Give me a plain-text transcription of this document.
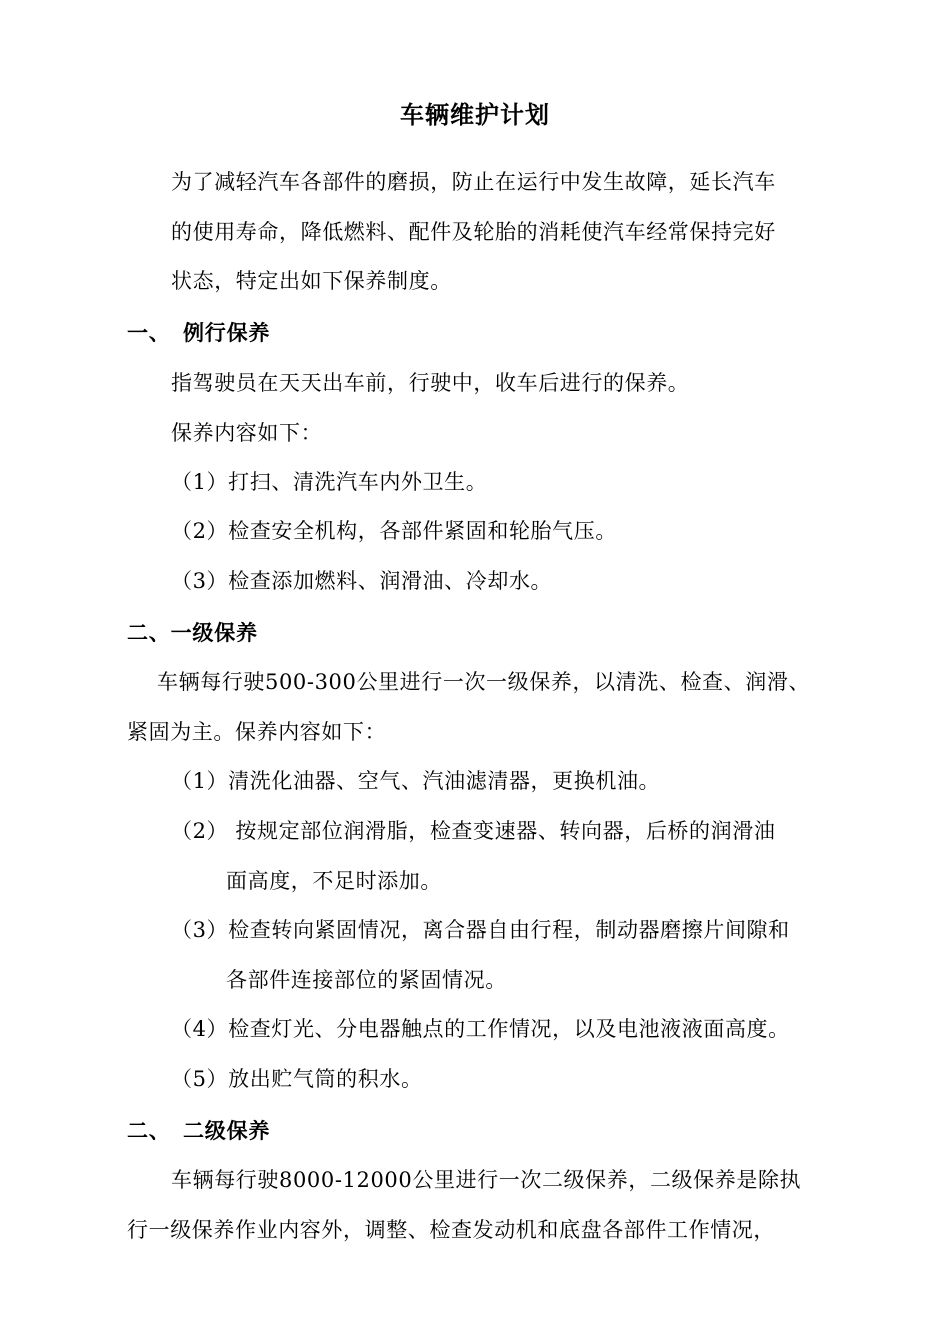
车辆维护计划
为了减轻汽车各部件的磨损，防止在运行中发生故障，延长汽车
的使用寿命，降低燃料、配件及轮胎的消耗使汽车经常保持完好
状态，特定出如下保养制度。
一、 例行保养
指驾驶员在天天出车前，行驶中，收车后进行的保养。
保养内容如下：
（1）打扫、清洗汽车内外卫生。
（2）检查安全机构，各部件紧固和轮胎气压。
（3）检查添加燃料、润滑油、冷却水。
二、一级保养
车辆每行驶500-300公里进行一次一级保养，以清洗、检查、润滑、
紧固为主。保养内容如下：
（1）清洗化油器、空气、汽油滤清器，更换机油。
（2） 按规定部位润滑脂，检查变速器、转向器，后桥的润滑油
面高度，不足时添加。
（3）检查转向紧固情况，离合器自由行程，制动器磨擦片间隙和
各部件连接部位的紧固情况。
（4）检查灯光、分电器触点的工作情况，以及电池液液面高度。
（5）放出贮气筒的积水。
二、 二级保养
车辆每行驶8000-12000公里进行一次二级保养，二级保养是除执
行一级保养作业内容外，调整、检查发动机和底盘各部件工作情况，
